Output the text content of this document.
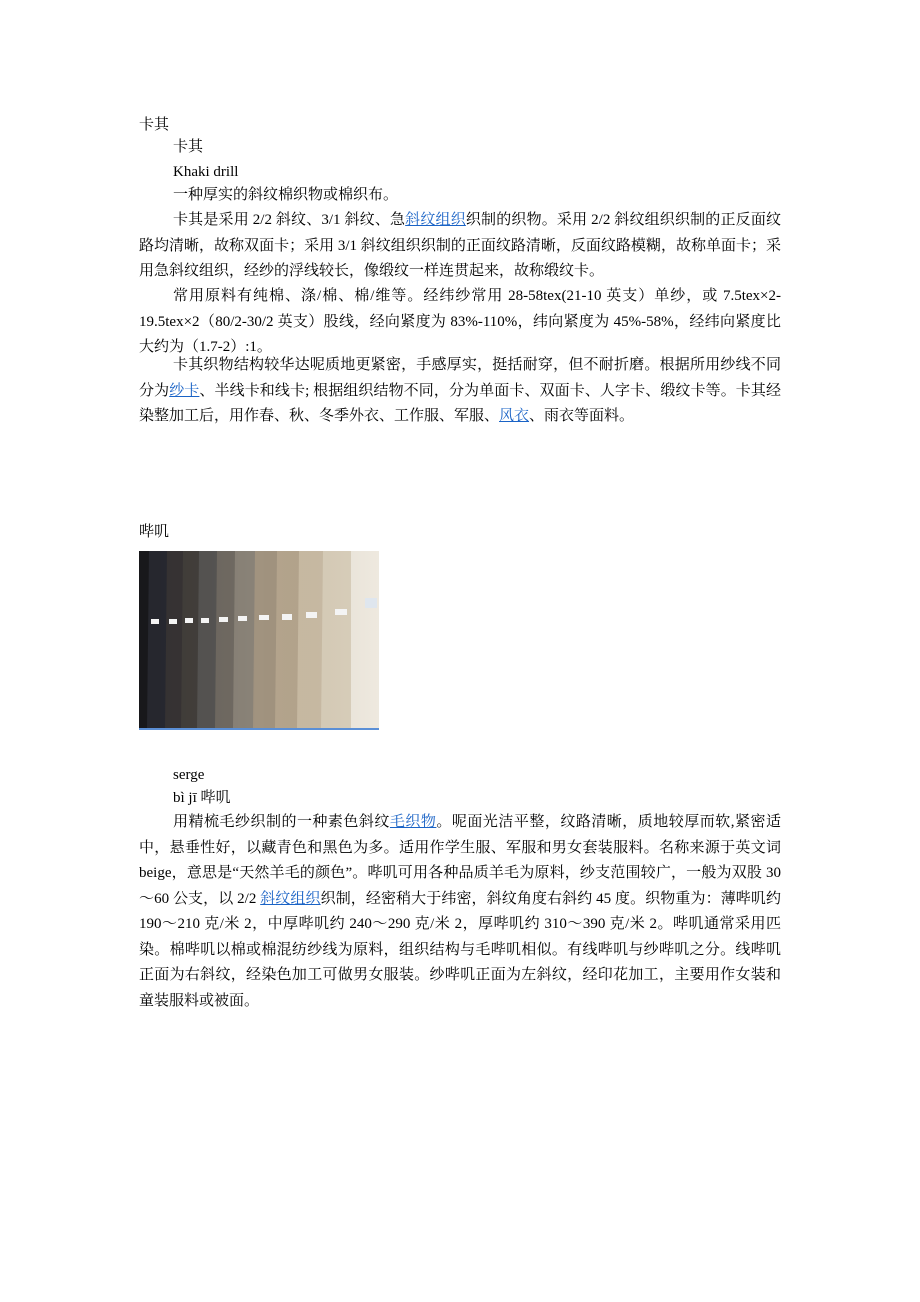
卡其
卡其
Khaki drill
一种厚实的斜纹棉织物或棉织布。

卡其是采用 2/2 斜纹、3/1 斜纹、急斜纹组织织制的织物。采用 2/2 斜纹组织织制的正反面纹路均清晰，故称双面卡；采用 3/1 斜纹组织织制的正面纹路清晰，反面纹路模糊，故称单面卡；采用急斜纹组织，经纱的浮线较长，像缎纹一样连贯起来，故称缎纹卡。

常用原料有纯棉、涤/棉、棉/维等。经纬纱常用 28-58tex(21-10 英支）单纱，或 7.5tex×2-19.5tex×2（80/2-30/2 英支）股线，经向紧度为 83%-110%，纬向紧度为 45%-58%，经纬向紧度比大约为（1.7-2）:1。

卡其织物结构较华达呢质地更紧密，手感厚实，挺括耐穿，但不耐折磨。根据所用纱线不同分为纱卡、半线卡和线卡; 根据组织结物不同，分为单面卡、双面卡、人字卡、缎纹卡等。卡其经染整加工后，用作春、秋、冬季外衣、工作服、军服、风衣、雨衣等面料。

哔叽
serge
bì jī 哔叽

用精梳毛纱织制的一种素色斜纹毛织物。呢面光洁平整，纹路清晰，质地较厚而软,紧密适中，悬垂性好，以藏青色和黑色为多。适用作学生服、军服和男女套装服料。名称来源于英文词 beige，意思是“天然羊毛的颜色”。哔叽可用各种品质羊毛为原料，纱支范围较广，一般为双股 30～60 公支，以 2/2 斜纹组织织制，经密稍大于纬密，斜纹角度右斜约 45 度。织物重为：薄哔叽约 190～210 克/米 2，中厚哔叽约 240～290 克/米 2，厚哔叽约 310～390 克/米 2。哔叽通常采用匹染。棉哔叽以棉或棉混纺纱线为原料，组织结构与毛哔叽相似。有线哔叽与纱哔叽之分。线哔叽正面为右斜纹，经染色加工可做男女服装。纱哔叽正面为左斜纹，经印花加工，主要用作女装和童装服料或被面。
